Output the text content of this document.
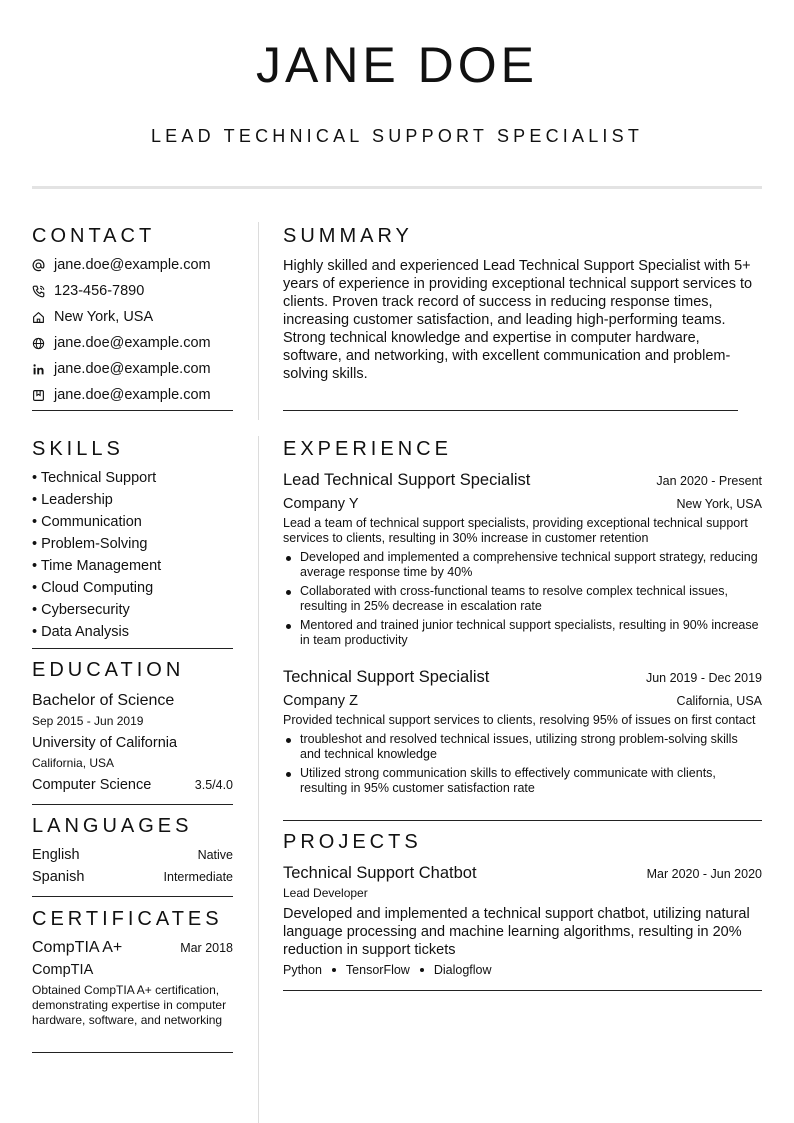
JANE DOE
LEAD TECHNICAL SUPPORT SPECIALIST
CONTACT
jane.doe@example.com
123-456-7890
New York, USA
jane.doe@example.com
jane.doe@example.com
jane.doe@example.com
SKILLS
• Technical Support
• Leadership
• Communication
• Problem-Solving
• Time Management
• Cloud Computing
• Cybersecurity
• Data Analysis
EDUCATION
Bachelor of Science
Sep 2015 - Jun 2019
University of California
California, USA
Computer Science	3.5/4.0
LANGUAGES
English	Native
Spanish	Intermediate
CERTIFICATES
CompTIA A+	Mar 2018
CompTIA
Obtained CompTIA A+ certification, demonstrating expertise in computer hardware, software, and networking
SUMMARY
Highly skilled and experienced Lead Technical Support Specialist with 5+ years of experience in providing exceptional technical support services to clients. Proven track record of success in reducing response times, increasing customer satisfaction, and leading high-performing teams. Strong technical knowledge and expertise in computer hardware, software, and networking, with excellent communication and problem-solving skills.
EXPERIENCE
Lead Technical Support Specialist	Jan 2020 - Present
Company Y	New York, USA
Lead a team of technical support specialists, providing exceptional technical support services to clients, resulting in 30% increase in customer retention
Developed and implemented a comprehensive technical support strategy, reducing average response time by 40%
Collaborated with cross-functional teams to resolve complex technical issues, resulting in 25% decrease in escalation rate
Mentored and trained junior technical support specialists, resulting in 90% increase in team productivity
Technical Support Specialist	Jun 2019 - Dec 2019
Company Z	California, USA
Provided technical support services to clients, resolving 95% of issues on first contact
troubleshot and resolved technical issues, utilizing strong problem-solving skills and technical knowledge
Utilized strong communication skills to effectively communicate with clients, resulting in 95% customer satisfaction rate
PROJECTS
Technical Support Chatbot	Mar 2020 - Jun 2020
Lead Developer
Developed and implemented a technical support chatbot, utilizing natural language processing and machine learning algorithms, resulting in 20% reduction in support tickets
Python TensorFlow Dialogflow
